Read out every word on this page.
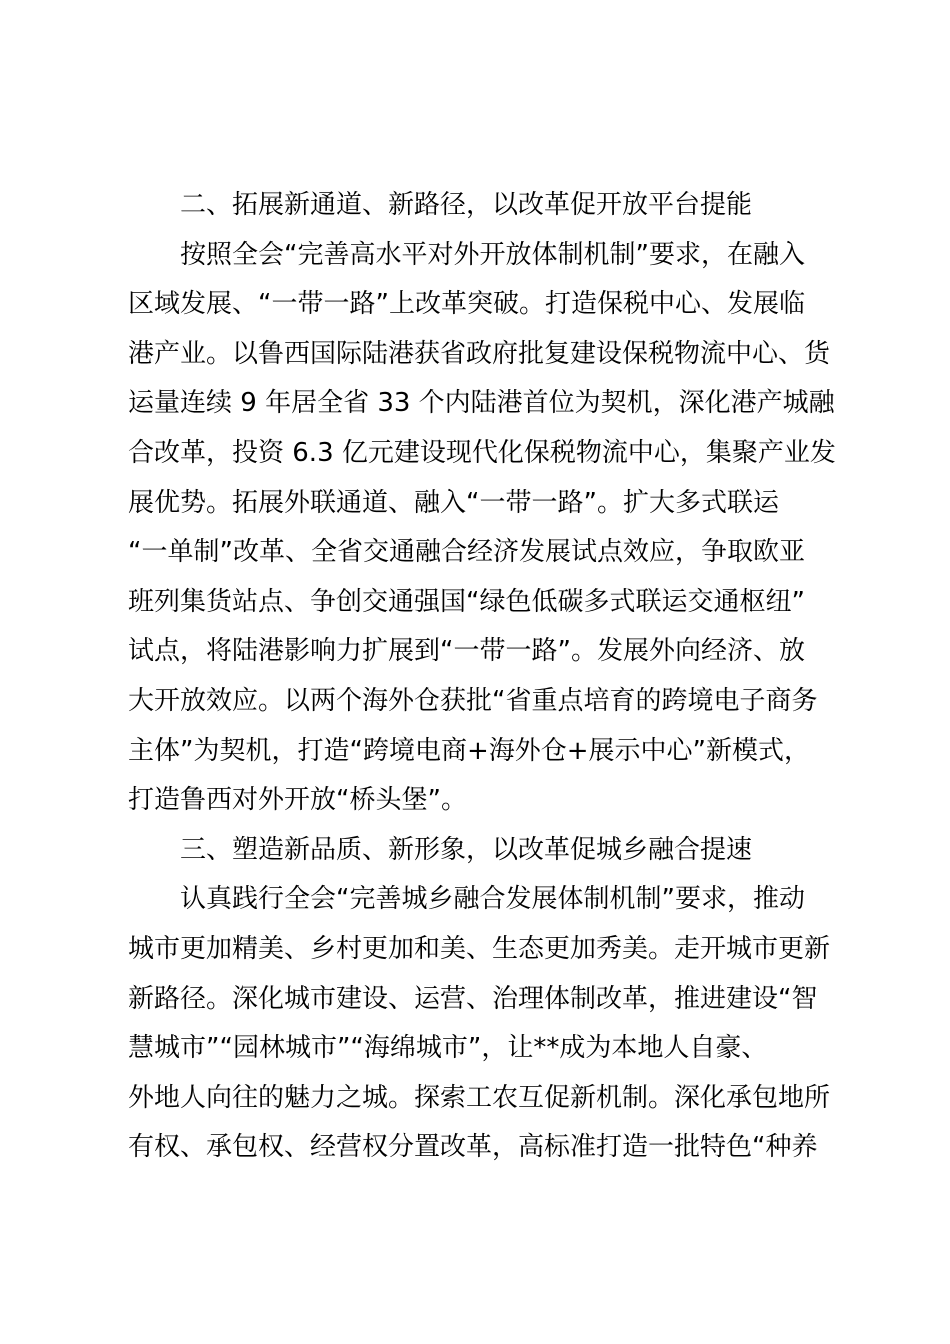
二、拓展新通道、新路径，以改革促开放平台提能
按照全会“完善高水平对外开放体制机制”要求，在融入
区域发展、“一带一路”上改革突破。打造保税中心、发展临
港产业。以鲁西国际陆港获省政府批复建设保税物流中心、货
运量连续 9 年居全省 33 个内陆港首位为契机，深化港产城融
合改革，投资 6.3 亿元建设现代化保税物流中心，集聚产业发
展优势。拓展外联通道、融入“一带一路”。扩大多式联运
“一单制”改革、全省交通融合经济发展试点效应，争取欧亚
班列集货站点、争创交通强国“绿色低碳多式联运交通枢纽”
试点，将陆港影响力扩展到“一带一路”。发展外向经济、放
大开放效应。以两个海外仓获批“省重点培育的跨境电子商务
主体”为契机，打造“跨境电商+海外仓+展示中心”新模式，
打造鲁西对外开放“桥头堡”。
三、塑造新品质、新形象，以改革促城乡融合提速
认真践行全会“完善城乡融合发展体制机制”要求，推动
城市更加精美、乡村更加和美、生态更加秀美。走开城市更新
新路径。深化城市建设、运营、治理体制改革，推进建设“智
慧城市”“园林城市”“海绵城市”，让**成为本地人自豪、
外地人向往的魅力之城。探索工农互促新机制。深化承包地所
有权、承包权、经营权分置改革，高标准打造一批特色“种养
